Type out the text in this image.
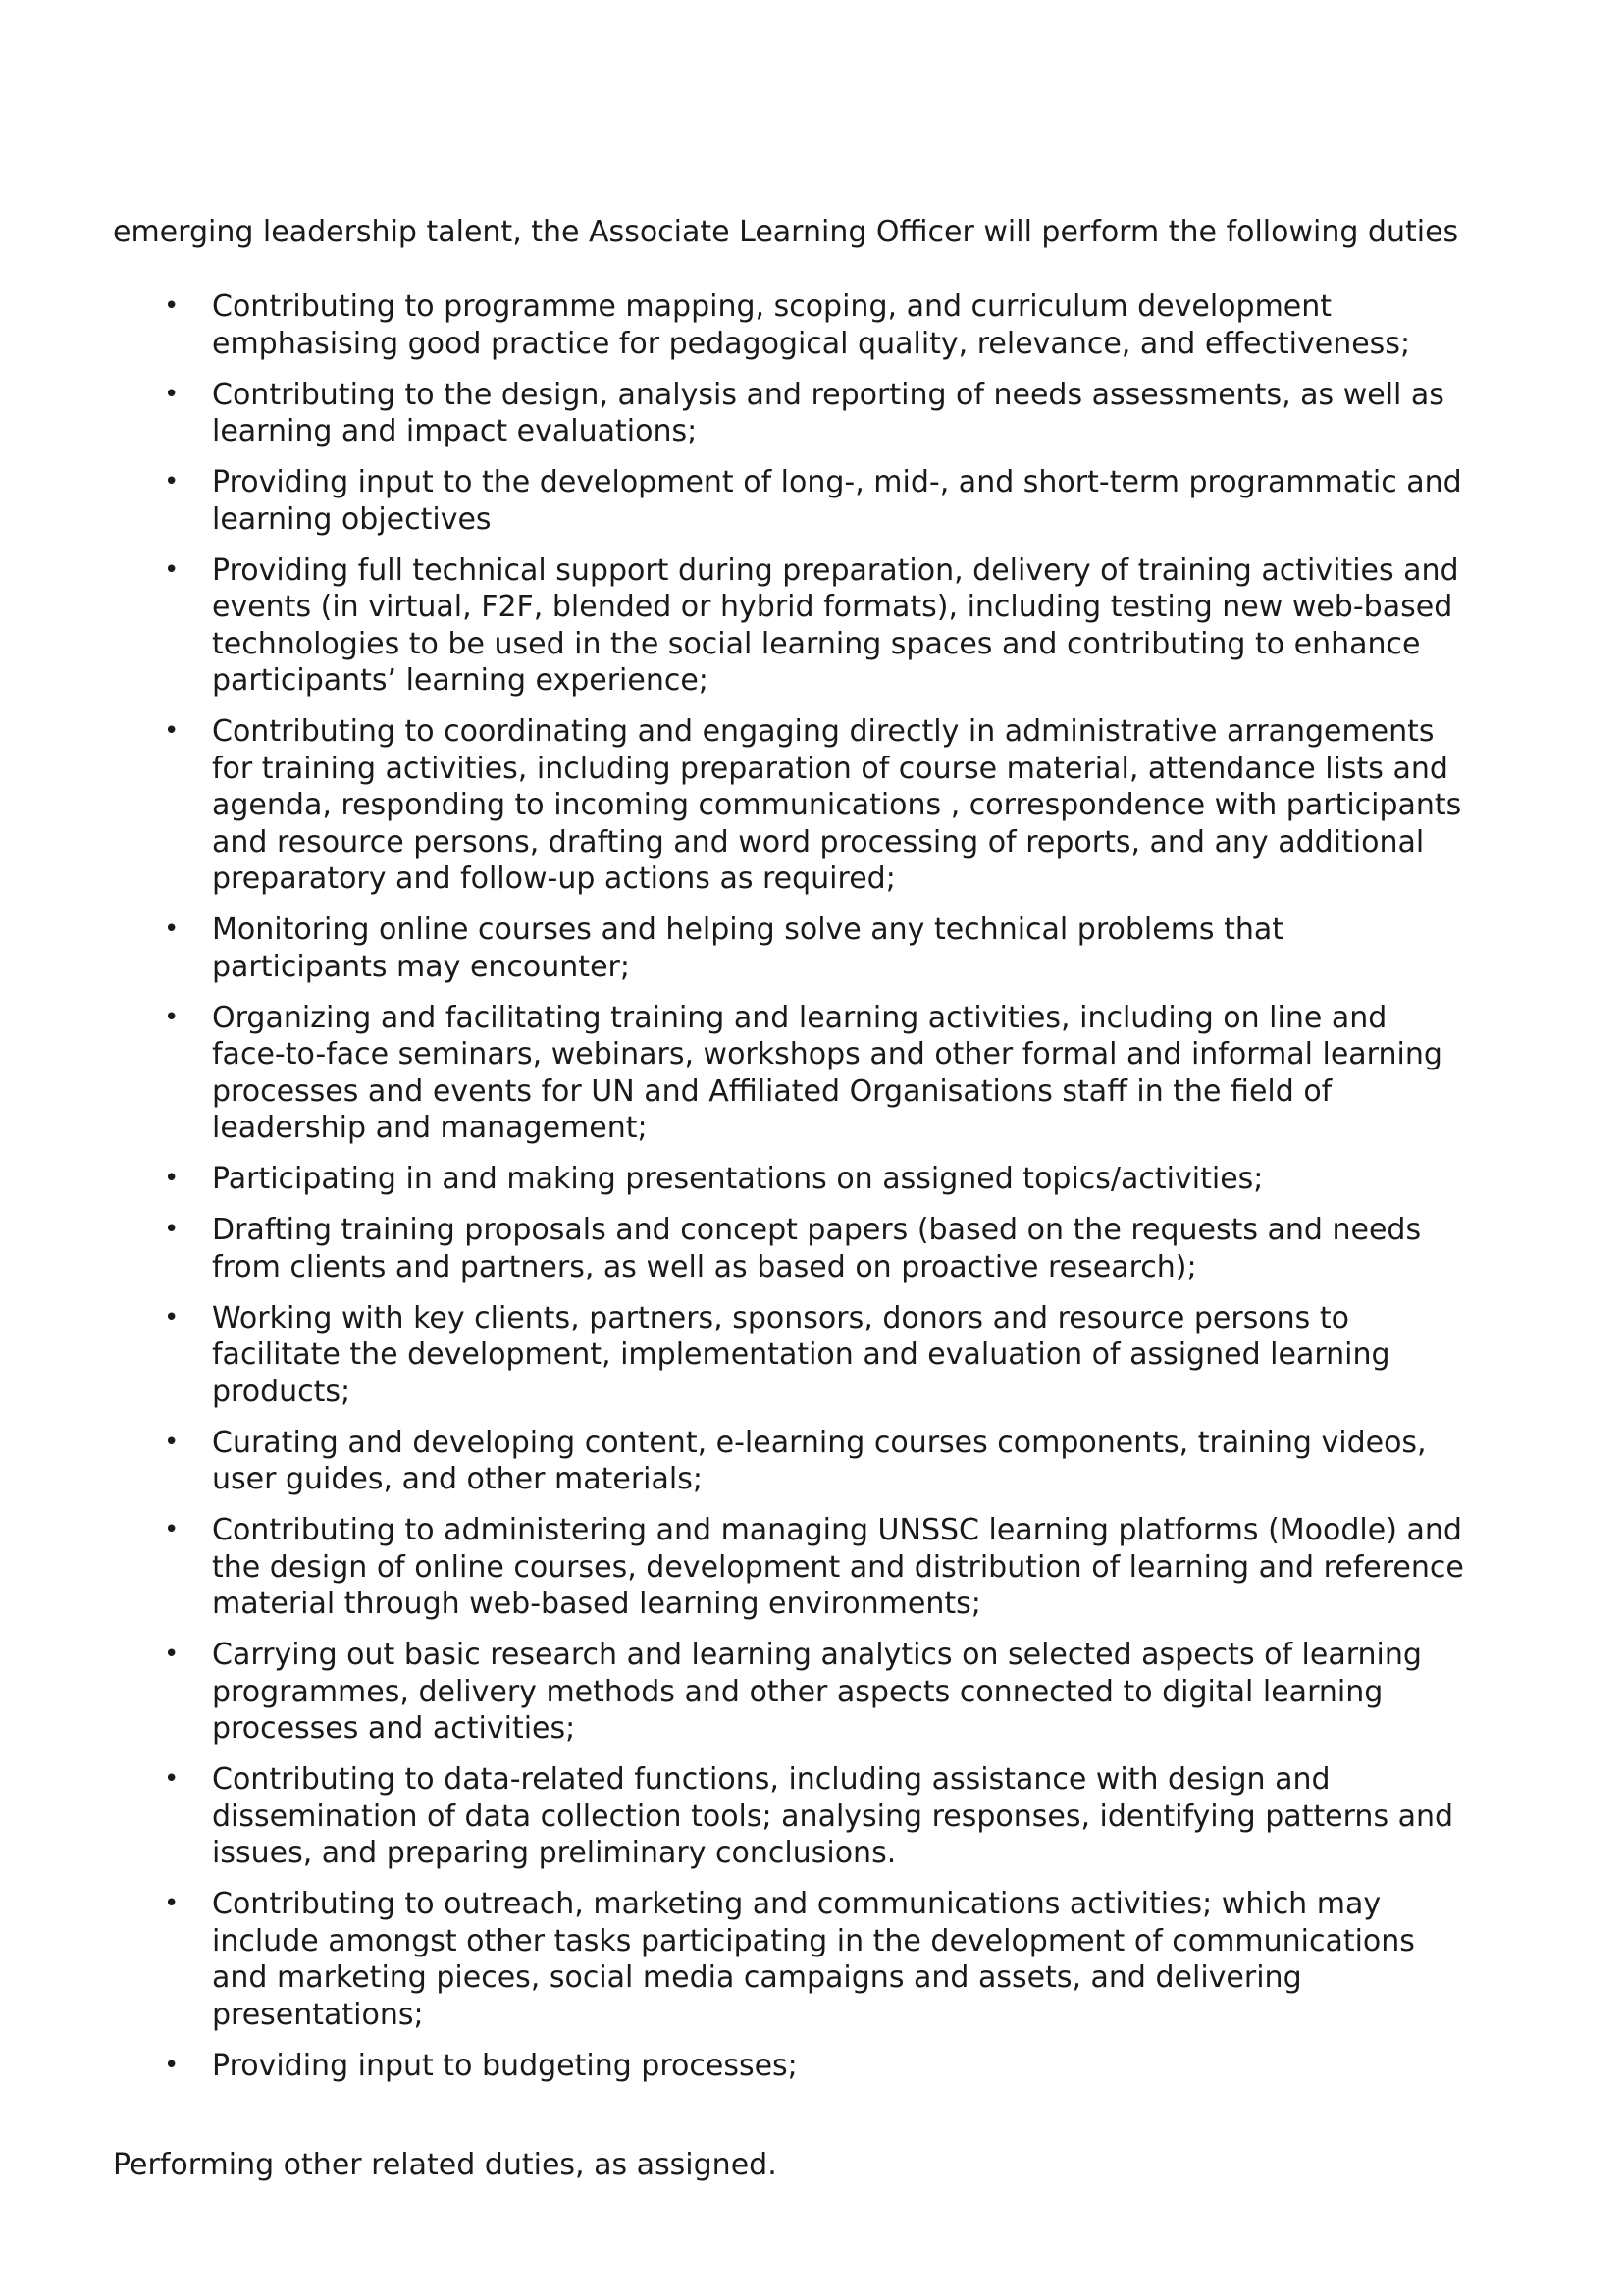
emerging leadership talent, the Associate Learning Officer will perform the following duties

• Contributing to programme mapping, scoping, and curriculum development emphasising good practice for pedagogical quality, relevance, and effectiveness;
• Contributing to the design, analysis and reporting of needs assessments, as well as learning and impact evaluations;
• Providing input to the development of long-, mid-, and short-term programmatic and learning objectives
• Providing full technical support during preparation, delivery of training activities and events (in virtual, F2F, blended or hybrid formats), including testing new web-based technologies to be used in the social learning spaces and contributing to enhance participants’ learning experience;
• Contributing to coordinating and engaging directly in administrative arrangements for training activities, including preparation of course material, attendance lists and agenda, responding to incoming communications , correspondence with participants and resource persons, drafting and word processing of reports, and any additional preparatory and follow-up actions as required;
• Monitoring online courses and helping solve any technical problems that participants may encounter;
• Organizing and facilitating training and learning activities, including on line and face-to-face seminars, webinars, workshops and other formal and informal learning processes and events for UN and Affiliated Organisations staff in the field of leadership and management;
• Participating in and making presentations on assigned topics/activities;
• Drafting training proposals and concept papers (based on the requests and needs from clients and partners, as well as based on proactive research);
• Working with key clients, partners, sponsors, donors and resource persons to facilitate the development, implementation and evaluation of assigned learning products;
• Curating and developing content, e-learning courses components, training videos, user guides, and other materials;
• Contributing to administering and managing UNSSC learning platforms (Moodle) and the design of online courses, development and distribution of learning and reference material through web-based learning environments;
• Carrying out basic research and learning analytics on selected aspects of learning programmes, delivery methods and other aspects connected to digital learning processes and activities;
• Contributing to data-related functions, including assistance with design and dissemination of data collection tools; analysing responses, identifying patterns and issues, and preparing preliminary conclusions.
• Contributing to outreach, marketing and communications activities; which may include amongst other tasks participating in the development of communications and marketing pieces, social media campaigns and assets, and delivering presentations;
• Providing input to budgeting processes;

Performing other related duties, as assigned.
